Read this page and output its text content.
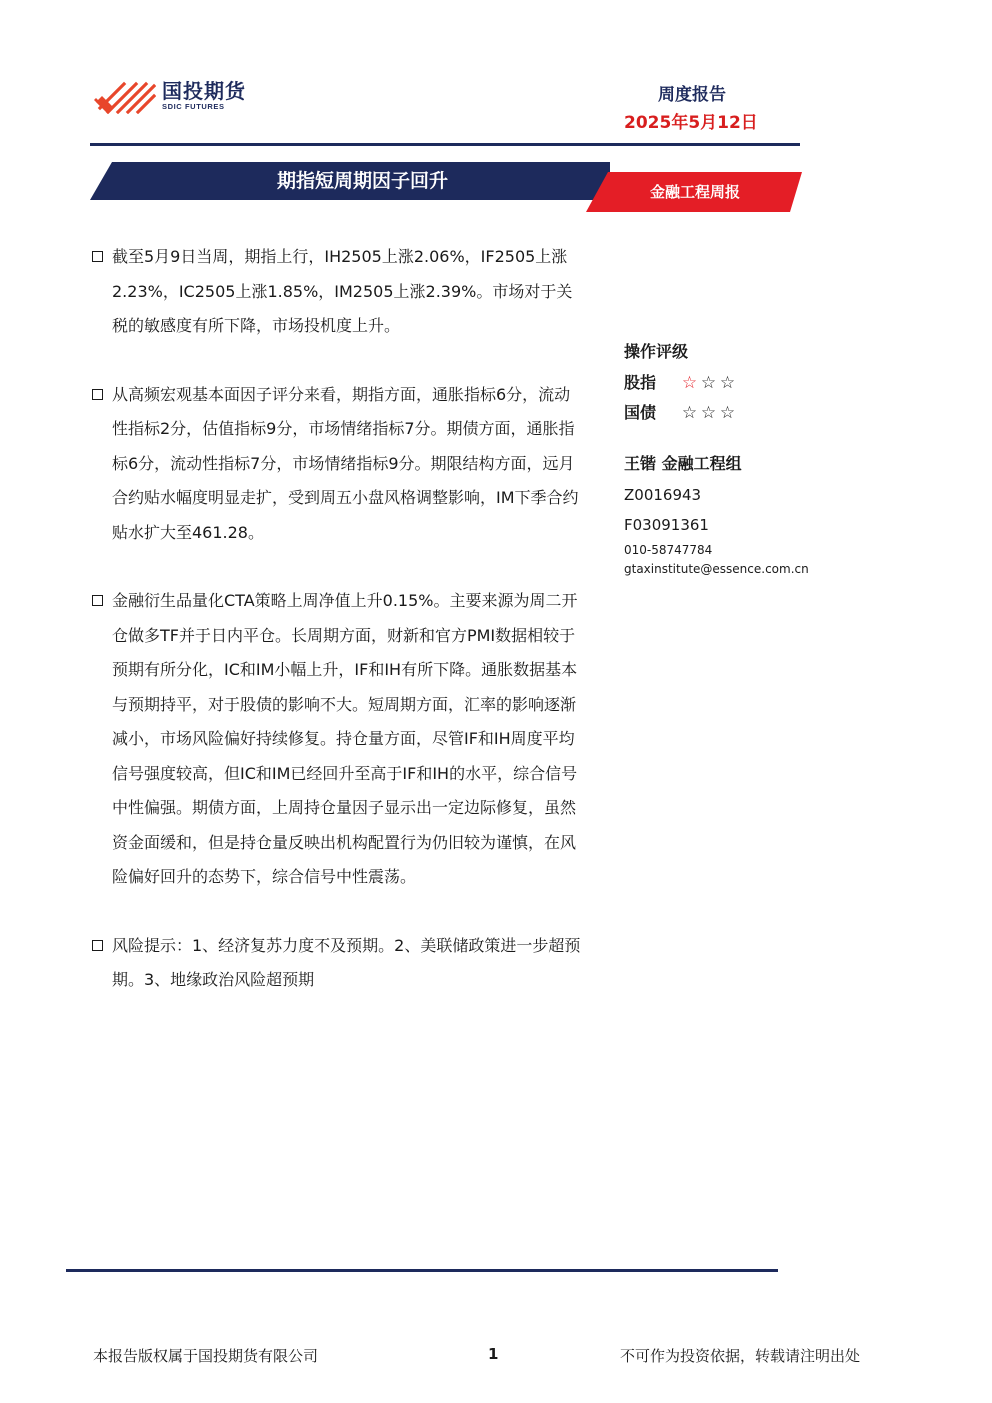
国投期货
SDIC FUTURES
周度报告
2025年5月12日
期指短周期因子回升	金融工程周报

截至5月9日当周，期指上行，IH2505上涨2.06%，IF2505上涨2.23%，IC2505上涨1.85%，IM2505上涨2.39%。市场对于关税的敏感度有所下降，市场投机度上升。

从高频宏观基本面因子评分来看，期指方面，通胀指标6分，流动性指标2分，估值指标9分，市场情绪指标7分。期债方面，通胀指标6分，流动性指标7分，市场情绪指标9分。期限结构方面，远月合约贴水幅度明显走扩，受到周五小盘风格调整影响，IM下季合约贴水扩大至461.28。

金融衍生品量化CTA策略上周净值上升0.15%。主要来源为周二开仓做多TF并于日内平仓。长周期方面，财新和官方PMI数据相较于预期有所分化，IC和IM小幅上升，IF和IH有所下降。通胀数据基本与预期持平，对于股债的影响不大。短周期方面，汇率的影响逐渐减小，市场风险偏好持续修复。持仓量方面，尽管IF和IH周度平均信号强度较高，但IC和IM已经回升至高于IF和IH的水平，综合信号中性偏强。期债方面，上周持仓量因子显示出一定边际修复，虽然资金面缓和，但是持仓量反映出机构配置行为仍旧较为谨慎，在风险偏好回升的态势下，综合信号中性震荡。

风险提示：1、经济复苏力度不及预期。2、美联储政策进一步超预期。3、地缘政治风险超预期

操作评级
股指	☆ ☆ ☆
国债	☆ ☆ ☆
王锴 金融工程组
Z0016943
F03091361
010-58747784
gtaxinstitute@essence.com.cn
本报告版权属于国投期货有限公司	1	不可作为投资依据，转载请注明出处
